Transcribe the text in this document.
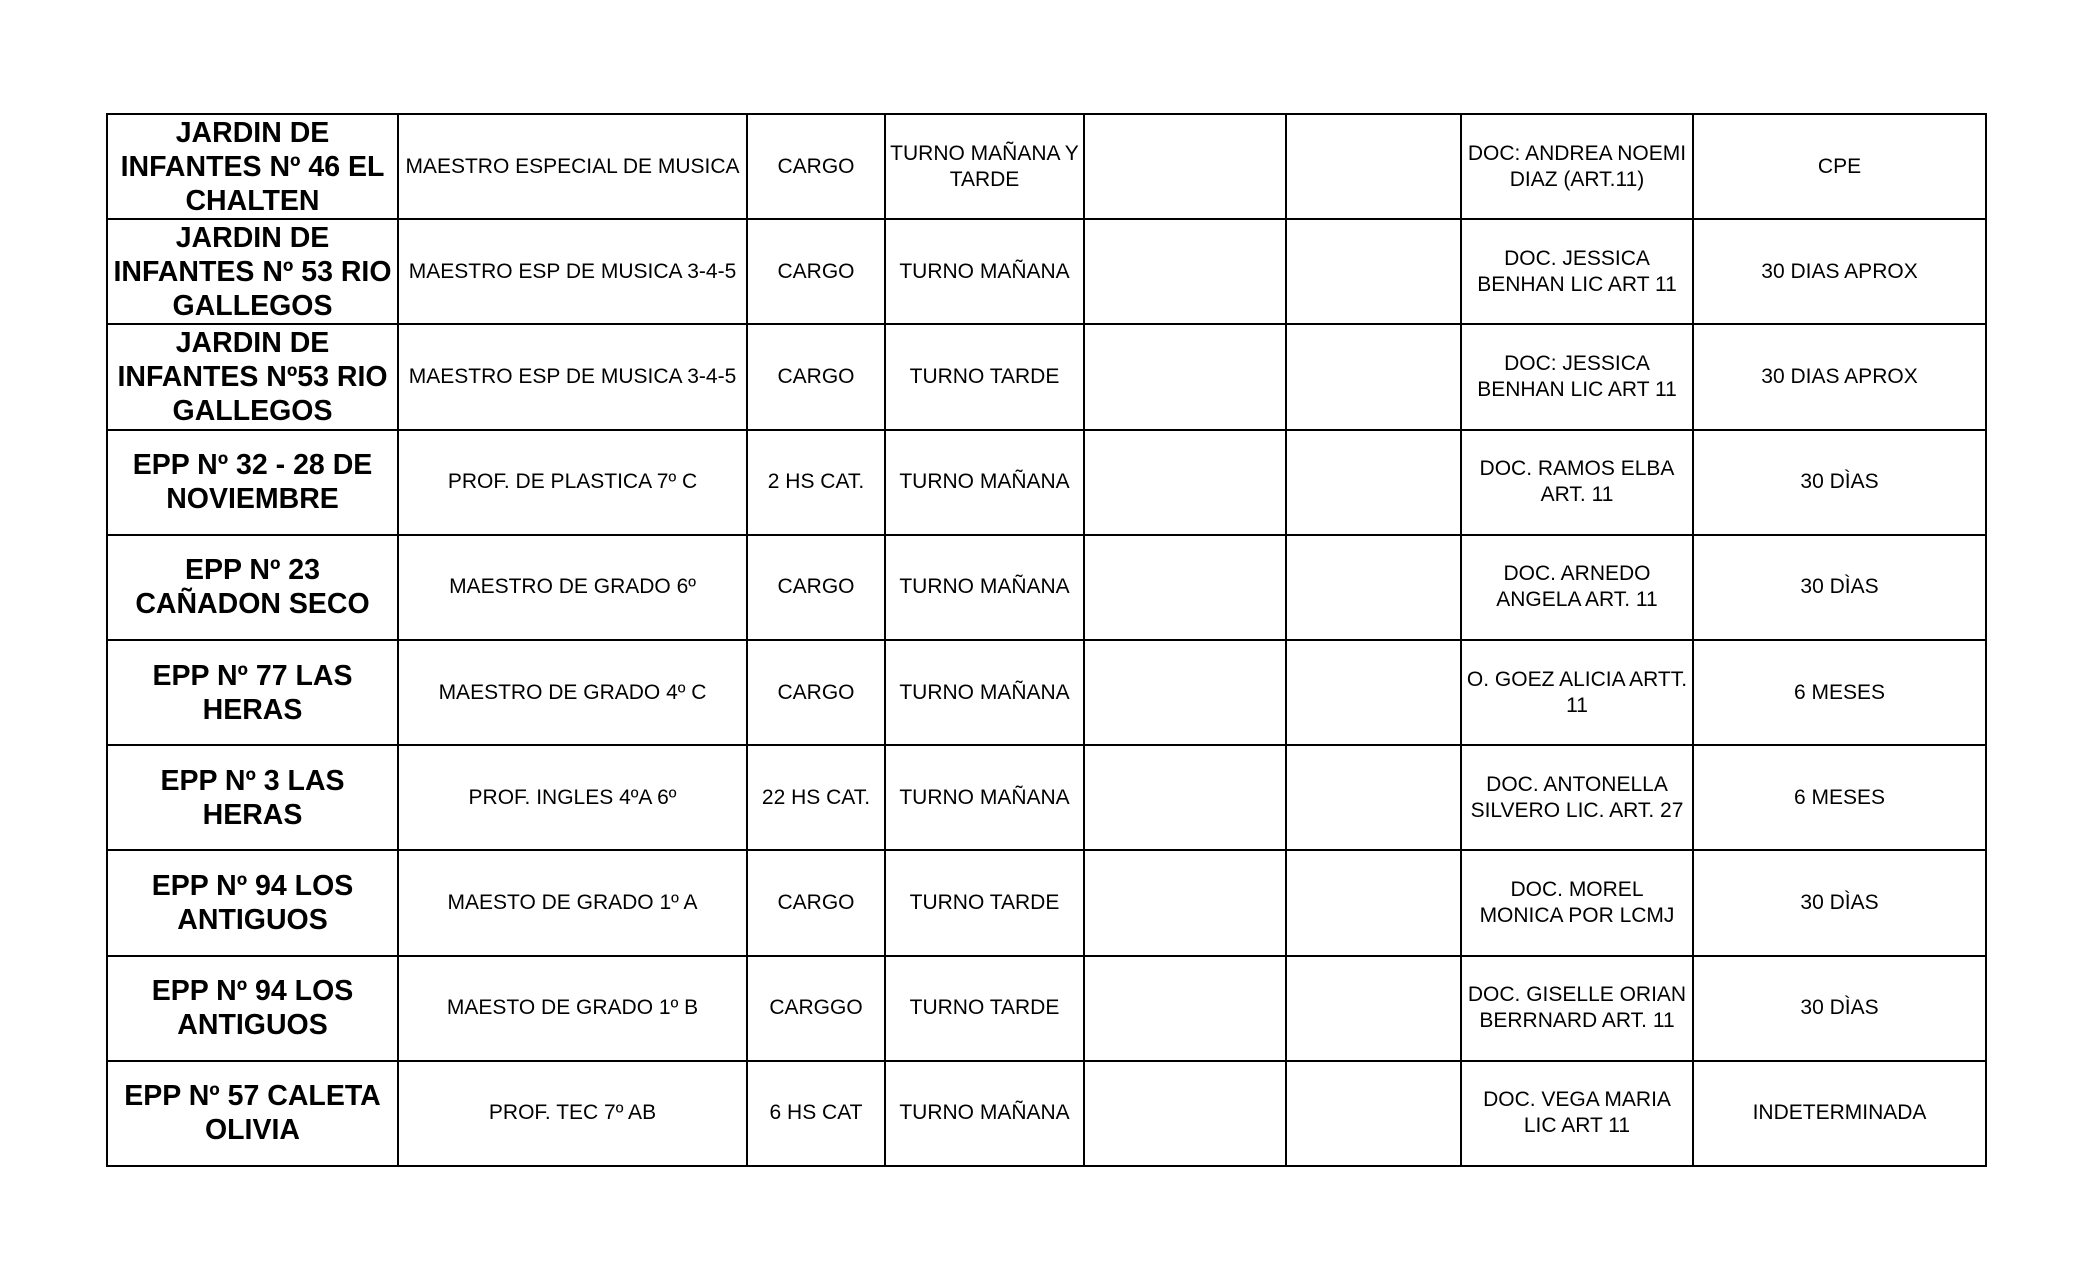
JARDIN DE INFANTES Nº 46 EL CHALTEN	MAESTRO ESPECIAL DE MUSICA	CARGO	TURNO MAÑANA Y TARDE			DOC: ANDREA NOEMI DIAZ (ART.11)	CPE
JARDIN DE INFANTES Nº 53 RIO GALLEGOS	MAESTRO ESP DE MUSICA 3-4-5	CARGO	TURNO MAÑANA			DOC. JESSICA BENHAN LIC ART 11	30 DIAS APROX
JARDIN DE INFANTES Nº53 RIO GALLEGOS	MAESTRO ESP DE MUSICA 3-4-5	CARGO	TURNO TARDE			DOC: JESSICA BENHAN LIC ART 11	30 DIAS APROX
EPP Nº 32 - 28 DE NOVIEMBRE	PROF. DE PLASTICA 7º C	2 HS CAT.	TURNO MAÑANA			DOC. RAMOS ELBA ART. 11	30 DÌAS
EPP Nº 23 CAÑADON SECO	MAESTRO DE GRADO 6º	CARGO	TURNO MAÑANA			DOC. ARNEDO ANGELA ART. 11	30 DÌAS
EPP Nº 77 LAS HERAS	MAESTRO DE GRADO 4º C	CARGO	TURNO MAÑANA			O. GOEZ ALICIA ARTT. 11	6 MESES
EPP Nº 3 LAS HERAS	PROF. INGLES 4ºA 6º	22 HS CAT.	TURNO MAÑANA			DOC. ANTONELLA SILVERO LIC. ART. 27	6 MESES
EPP Nº 94 LOS ANTIGUOS	MAESTO DE GRADO 1º A	CARGO	TURNO TARDE			DOC. MOREL MONICA POR LCMJ	30 DÌAS
EPP Nº 94 LOS ANTIGUOS	MAESTO DE GRADO 1º B	CARGGO	TURNO TARDE			DOC. GISELLE ORIAN BERRNARD ART. 11	30 DÌAS
EPP Nº 57 CALETA OLIVIA	PROF. TEC 7º AB	6 HS CAT	TURNO MAÑANA			DOC. VEGA MARIA LIC ART 11	INDETERMINADA
